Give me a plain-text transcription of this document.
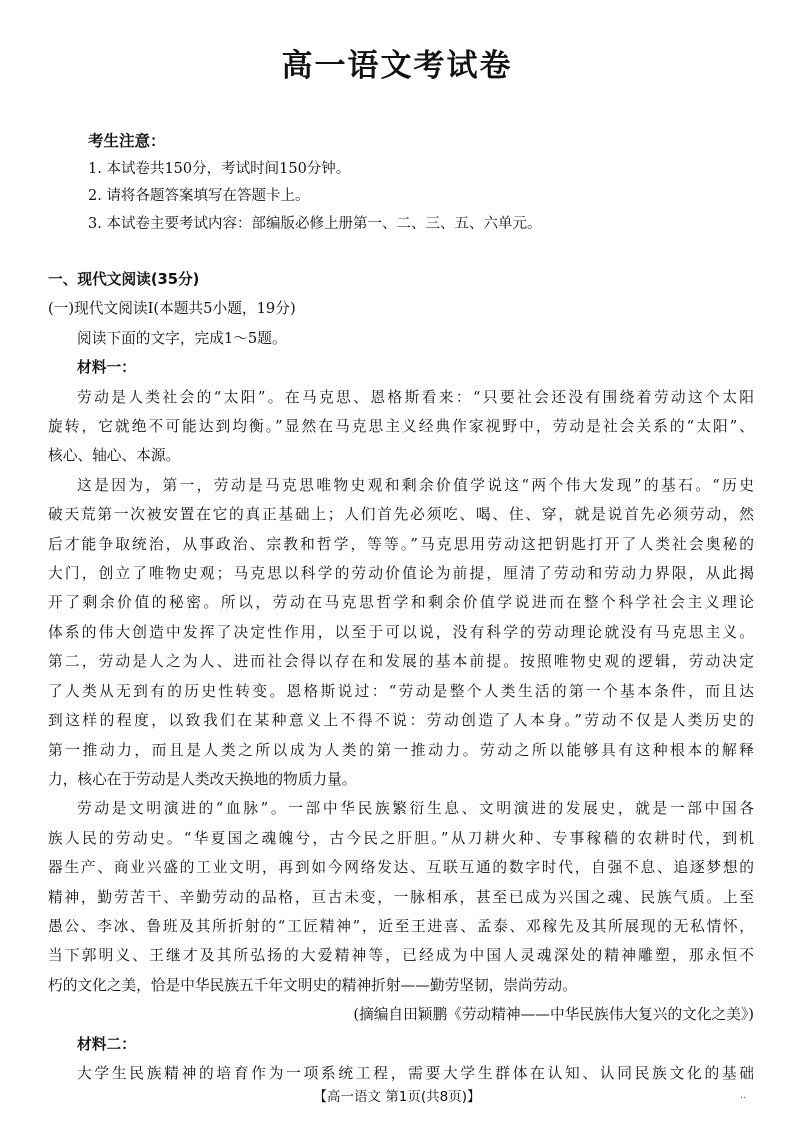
高一语文考试卷
考生注意：
1. 本试卷共150分，考试时间150分钟。
2. 请将各题答案填写在答题卡上。
3. 本试卷主要考试内容：部编版必修上册第一、二、三、五、六单元。
一、现代文阅读(35分)
(一)现代文阅读Ⅰ(本题共5小题，19分)
阅读下面的文字，完成1～5题。
材料一：
劳动是人类社会的“太阳”。在马克思、恩格斯看来：“只要社会还没有围绕着劳动这个太阳
旋转，它就绝不可能达到均衡。”显然在马克思主义经典作家视野中，劳动是社会关系的“太阳”、
核心、轴心、本源。
这是因为，第一，劳动是马克思唯物史观和剩余价值学说这“两个伟大发现”的基石。“历史
破天荒第一次被安置在它的真正基础上；人们首先必须吃、喝、住、穿，就是说首先必须劳动，然
后才能争取统治，从事政治、宗教和哲学，等等。”马克思用劳动这把钥匙打开了人类社会奥秘的
大门，创立了唯物史观；马克思以科学的劳动价值论为前提，厘清了劳动和劳动力界限，从此揭
开了剩余价值的秘密。所以，劳动在马克思哲学和剩余价值学说进而在整个科学社会主义理论
体系的伟大创造中发挥了决定性作用，以至于可以说，没有科学的劳动理论就没有马克思主义。
第二，劳动是人之为人、进而社会得以存在和发展的基本前提。按照唯物史观的逻辑，劳动决定
了人类从无到有的历史性转变。恩格斯说过：“劳动是整个人类生活的第一个基本条件，而且达
到这样的程度，以致我们在某种意义上不得不说：劳动创造了人本身。”劳动不仅是人类历史的
第一推动力，而且是人类之所以成为人类的第一推动力。劳动之所以能够具有这种根本的解释
力，核心在于劳动是人类改天换地的物质力量。
劳动是文明演进的“血脉”。一部中华民族繁衍生息、文明演进的发展史，就是一部中国各
族人民的劳动史。“华夏国之魂魄兮，古今民之肝胆。”从刀耕火种、专事稼穑的农耕时代，到机
器生产、商业兴盛的工业文明，再到如今网络发达、互联互通的数字时代，自强不息、追逐梦想的
精神，勤劳苦干、辛勤劳动的品格，亘古未变，一脉相承，甚至已成为兴国之魂、民族气质。上至
愚公、李冰、鲁班及其所折射的“工匠精神”，近至王进喜、孟泰、邓稼先及其所展现的无私情怀，
当下郭明义、王继才及其所弘扬的大爱精神等，已经成为中国人灵魂深处的精神雕塑，那永恒不
朽的文化之美，恰是中华民族五千年文明史的精神折射——勤劳坚韧，崇尚劳动。
(摘编自田颖鹏《劳动精神——中华民族伟大复兴的文化之美》)
材料二：
大学生民族精神的培育作为一项系统工程，需要大学生群体在认知、认同民族文化的基础
【高一语文 第1页(共8页)】	··
